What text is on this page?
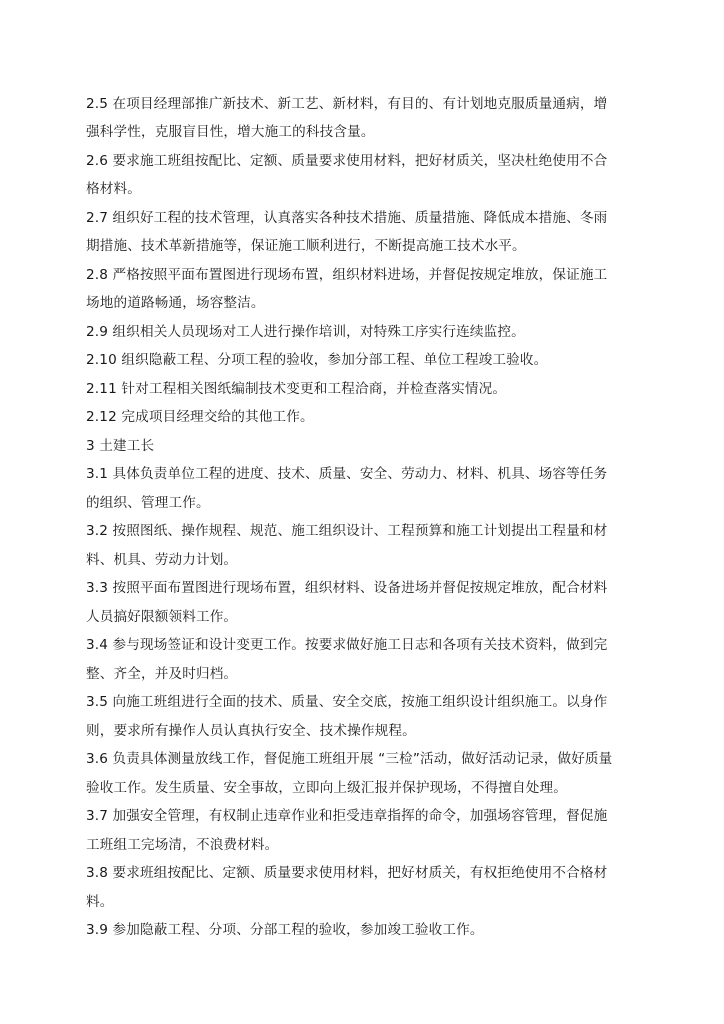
2.5 在项目经理部推广新技术、新工艺、新材料，有目的、有计划地克服质量通病，增
强科学性，克服盲目性，增大施工的科技含量。
2.6 要求施工班组按配比、定额、质量要求使用材料，把好材质关，坚决杜绝使用不合
格材料。
2.7 组织好工程的技术管理，认真落实各种技术措施、质量措施、降低成本措施、冬雨
期措施、技术革新措施等，保证施工顺利进行，不断提高施工技术水平。
2.8 严格按照平面布置图进行现场布置，组织材料进场，并督促按规定堆放，保证施工
场地的道路畅通，场容整洁。
2.9 组织相关人员现场对工人进行操作培训，对特殊工序实行连续监控。
2.10 组织隐蔽工程、分项工程的验收，参加分部工程、单位工程竣工验收。
2.11 针对工程相关图纸编制技术变更和工程洽商，并检查落实情况。
2.12 完成项目经理交给的其他工作。
3 土建工长
3.1 具体负责单位工程的进度、技术、质量、安全、劳动力、材料、机具、场容等任务
的组织、管理工作。
3.2 按照图纸、操作规程、规范、施工组织设计、工程预算和施工计划提出工程量和材
料、机具、劳动力计划。
3.3 按照平面布置图进行现场布置，组织材料、设备进场并督促按规定堆放，配合材料
人员搞好限额领料工作。
3.4 参与现场签证和设计变更工作。按要求做好施工日志和各项有关技术资料，做到完
整、齐全，并及时归档。
3.5 向施工班组进行全面的技术、质量、安全交底，按施工组织设计组织施工。以身作
则，要求所有操作人员认真执行安全、技术操作规程。
3.6 负责具体测量放线工作，督促施工班组开展 “三检”活动，做好活动记录，做好质量
验收工作。发生质量、安全事故，立即向上级汇报并保护现场，不得擅自处理。
3.7 加强安全管理，有权制止违章作业和拒受违章指挥的命令，加强场容管理，督促施
工班组工完场清，不浪费材料。
3.8 要求班组按配比、定额、质量要求使用材料，把好材质关，有权拒绝使用不合格材
料。
3.9 参加隐蔽工程、分项、分部工程的验收，参加竣工验收工作。
